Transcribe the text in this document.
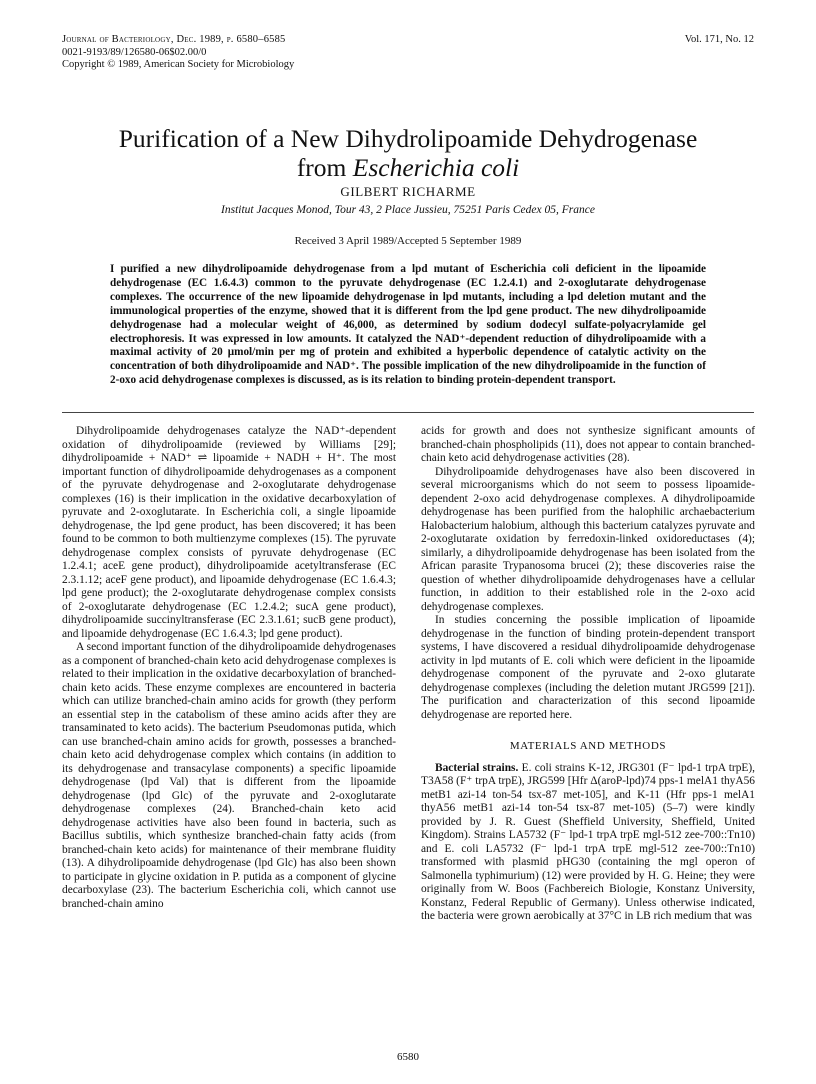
Journal of Bacteriology, Dec. 1989, p. 6580–6585
0021-9193/89/126580-06$02.00/0
Copyright © 1989, American Society for Microbiology
Vol. 171, No. 12
Purification of a New Dihydrolipoamide Dehydrogenase
from Escherichia coli
GILBERT RICHARME
Institut Jacques Monod, Tour 43, 2 Place Jussieu, 75251 Paris Cedex 05, France
Received 3 April 1989/Accepted 5 September 1989
I purified a new dihydrolipoamide dehydrogenase from a lpd mutant of Escherichia coli deficient in the lipoamide dehydrogenase (EC 1.6.4.3) common to the pyruvate dehydrogenase (EC 1.2.4.1) and 2-oxoglutarate dehydrogenase complexes. The occurrence of the new lipoamide dehydrogenase in lpd mutants, including a lpd deletion mutant and the immunological properties of the enzyme, showed that it is different from the lpd gene product. The new dihydrolipoamide dehydrogenase had a molecular weight of 46,000, as determined by sodium dodecyl sulfate-polyacrylamide gel electrophoresis. It was expressed in low amounts. It catalyzed the NAD⁺-dependent reduction of dihydrolipoamide with a maximal activity of 20 μmol/min per mg of protein and exhibited a hyperbolic dependence of catalytic activity on the concentration of both dihydrolipoamide and NAD⁺. The possible implication of the new dihydrolipoamide in the function of 2-oxo acid dehydrogenase complexes is discussed, as is its relation to binding protein-dependent transport.

Dihydrolipoamide dehydrogenases catalyze the NAD⁺-dependent oxidation of dihydrolipoamide (reviewed by Williams [29]; dihydrolipoamide + NAD⁺ ⇌ lipoamide + NADH + H⁺. The most important function of dihydrolipoamide dehydrogenases as a component of the pyruvate dehydrogenase and 2-oxoglutarate dehydrogenase complexes (16) is their implication in the oxidative decarboxylation of pyruvate and 2-oxoglutarate. In Escherichia coli, a single lipoamide dehydrogenase, the lpd gene product, has been discovered; it has been found to be common to both multienzyme complexes (15). The pyruvate dehydrogenase complex consists of pyruvate dehydrogenase (EC 1.2.4.1; aceE gene product), dihydrolipoamide acetyltransferase (EC 2.3.1.12; aceF gene product), and lipoamide dehydrogenase (EC 1.6.4.3; lpd gene product); the 2-oxoglutarate dehydrogenase complex consists of 2-oxoglutarate dehydrogenase (EC 1.2.4.2; sucA gene product), dihydrolipoamide succinyltransferase (EC 2.3.1.61; sucB gene product), and lipoamide dehydrogenase (EC 1.6.4.3; lpd gene product).

A second important function of the dihydrolipoamide dehydrogenases as a component of branched-chain keto acid dehydrogenase complexes is related to their implication in the oxidative decarboxylation of branched-chain keto acids. These enzyme complexes are encountered in bacteria which can utilize branched-chain amino acids for growth (they perform an essential step in the catabolism of these amino acids after they are transaminated to keto acids). The bacterium Pseudomonas putida, which can use branched-chain amino acids for growth, possesses a branched-chain keto acid dehydrogenase complex which contains (in addition to its dehydrogenase and transacylase components) a specific lipoamide dehydrogenase (lpd Val) that is different from the lipoamide dehydrogenase (lpd Glc) of the pyruvate and 2-oxoglutarate dehydrogenase complexes (24). Branched-chain keto acid dehydrogenase activities have also been found in bacteria, such as Bacillus subtilis, which synthesize branched-chain fatty acids (from branched-chain keto acids) for maintenance of their membrane fluidity (13). A dihydrolipoamide dehydrogenase (lpd Glc) has also been shown to participate in glycine oxidation in P. putida as a component of glycine decarboxylase (23). The bacterium Escherichia coli, which cannot use branched-chain amino

acids for growth and does not synthesize significant amounts of branched-chain phospholipids (11), does not appear to contain branched-chain keto acid dehydrogenase activities (28).

Dihydrolipoamide dehydrogenases have also been discovered in several microorganisms which do not seem to possess lipoamide-dependent 2-oxo acid dehydrogenase complexes. A dihydrolipoamide dehydrogenase has been purified from the halophilic archaebacterium Halobacterium halobium, although this bacterium catalyzes pyruvate and 2-oxoglutarate oxidation by ferredoxin-linked oxidoreductases (4); similarly, a dihydrolipoamide dehydrogenase has been isolated from the African parasite Trypanosoma brucei (2); these discoveries raise the question of whether dihydrolipoamide dehydrogenases have a cellular function, in addition to their established role in the 2-oxo acid dehydrogenase complexes.

In studies concerning the possible implication of lipoamide dehydrogenase in the function of binding protein-dependent transport systems, I have discovered a residual dihydrolipoamide dehydrogenase activity in lpd mutants of E. coli which were deficient in the lipoamide dehydrogenase component of the pyruvate and 2-oxo glutarate dehydrogenase complexes (including the deletion mutant JRG599 [21]). The purification and characterization of this second lipoamide dehydrogenase are reported here.

MATERIALS AND METHODS

Bacterial strains. E. coli strains K-12, JRG301 (F⁻ lpd-1 trpA trpE), T3A58 (F⁺ trpA trpE), JRG599 [Hfr Δ(aroP-lpd)74 pps-1 melA1 thyA56 metB1 azi-14 ton-54 tsx-87 met-105], and K-11 (Hfr pps-1 melA1 thyA56 metB1 azi-14 ton-54 tsx-87 met-105) (5–7) were kindly provided by J. R. Guest (Sheffield University, Sheffield, United Kingdom). Strains LA5732 (F⁻ lpd-1 trpA trpE mgl-512 zee-700::Tn10) and E. coli LA5732 (F⁻ lpd-1 trpA trpE mgl-512 zee-700::Tn10) transformed with plasmid pHG30 (containing the mgl operon of Salmonella typhimurium) (12) were provided by H. G. Heine; they were originally from W. Boos (Fachbereich Biologie, Konstanz University, Konstanz, Federal Republic of Germany). Unless otherwise indicated, the bacteria were grown aerobically at 37°C in LB rich medium that was

6580
